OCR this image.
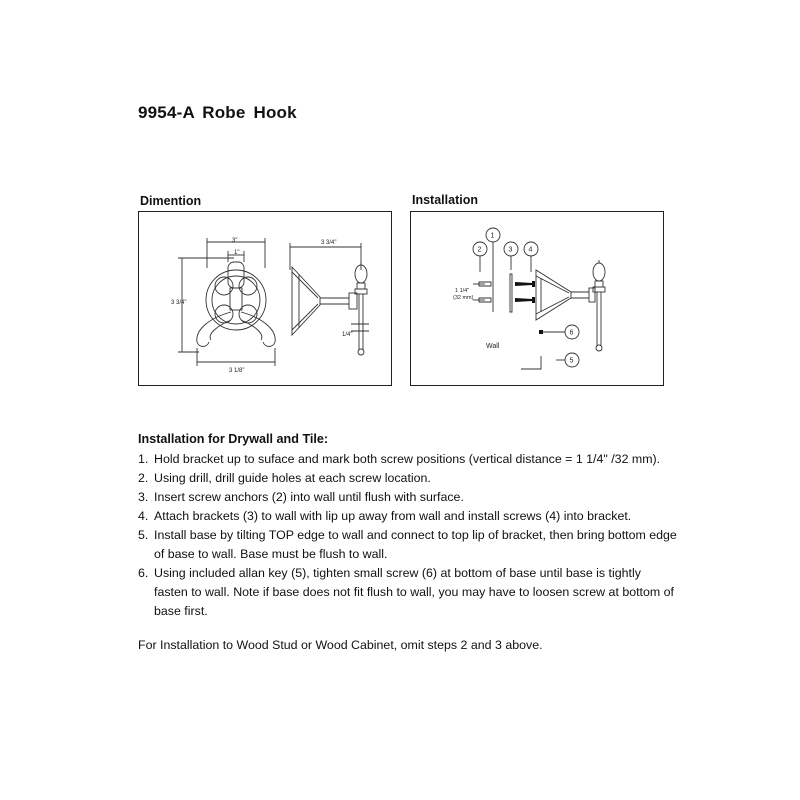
9954-A Robe Hook
Dimention	Installation
3"
1"
3 3/4"
3 1/8"
3 3/4"
1/4"
1
2	3 4
5
6
1 1/4"
(32 mm)
Wall
Installation for Drywall and Tile:
1. Hold bracket up to suface and mark both screw positions (vertical distance = 1 1/4" /32 mm).
2. Using drill, drill guide holes at each screw location.
3. Insert screw anchors (2) into wall until flush with surface.
4. Attach brackets (3) to wall with lip up away from wall and install screws (4) into bracket.
5. Install base by tilting TOP edge to wall and connect to top lip of bracket, then bring bottom edge of base to wall. Base must be flush to wall.
6. Using included allan key (5), tighten small screw (6) at bottom of base until base is tightly fasten to wall. Note if base does not fit flush to wall, you may have to loosen screw at bottom of base first.
For Installation to Wood Stud or Wood Cabinet, omit steps 2 and 3 above.
